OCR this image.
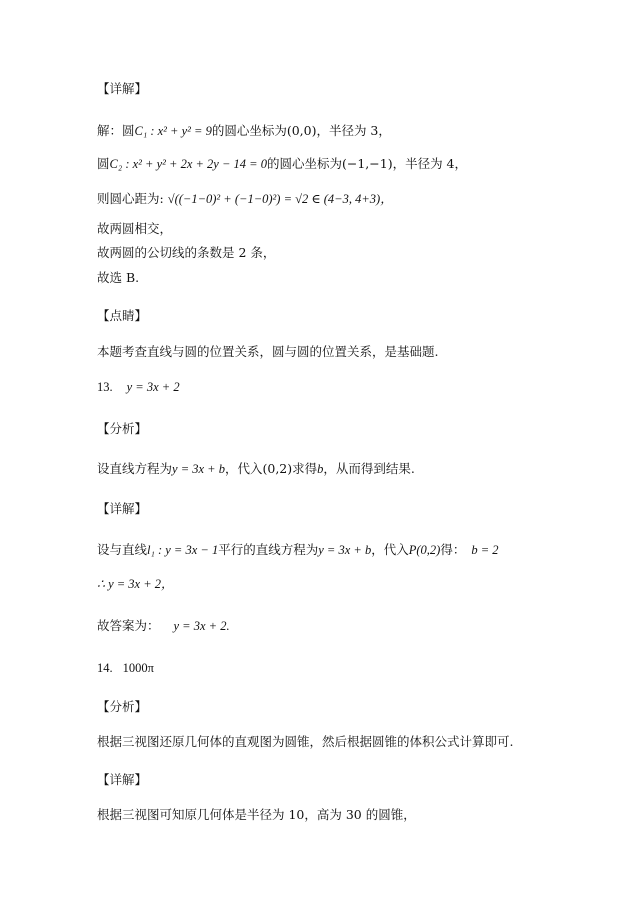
【详解】
解：圆C₁ : x² + y² = 9的圆心坐标为(0,0)，半径为 3，
圆C₂ : x² + y² + 2x + 2y − 14 = 0的圆心坐标为(−1,−1)，半径为 4，
则圆心距为: √((−1−0)² + (−1−0)²) = √2 ∈ (4−3, 4+3)，
故两圆相交，
故两圆的公切线的条数是 2 条，
故选 B.
【点睛】
本题考查直线与圆的位置关系，圆与圆的位置关系，是基础题.
13. y = 3x + 2
【分析】
设直线方程为y = 3x + b，代入(0,2)求得b，从而得到结果.
【详解】
设与直线l₁ : y = 3x − 1平行的直线方程为y = 3x + b，代入P(0,2)得： b = 2
∴ y = 3x + 2，
故答案为： y = 3x + 2.
14. 1000π
【分析】
根据三视图还原几何体的直观图为圆锥，然后根据圆锥的体积公式计算即可.
【详解】
根据三视图可知原几何体是半径为 10，高为 30 的圆锥，
